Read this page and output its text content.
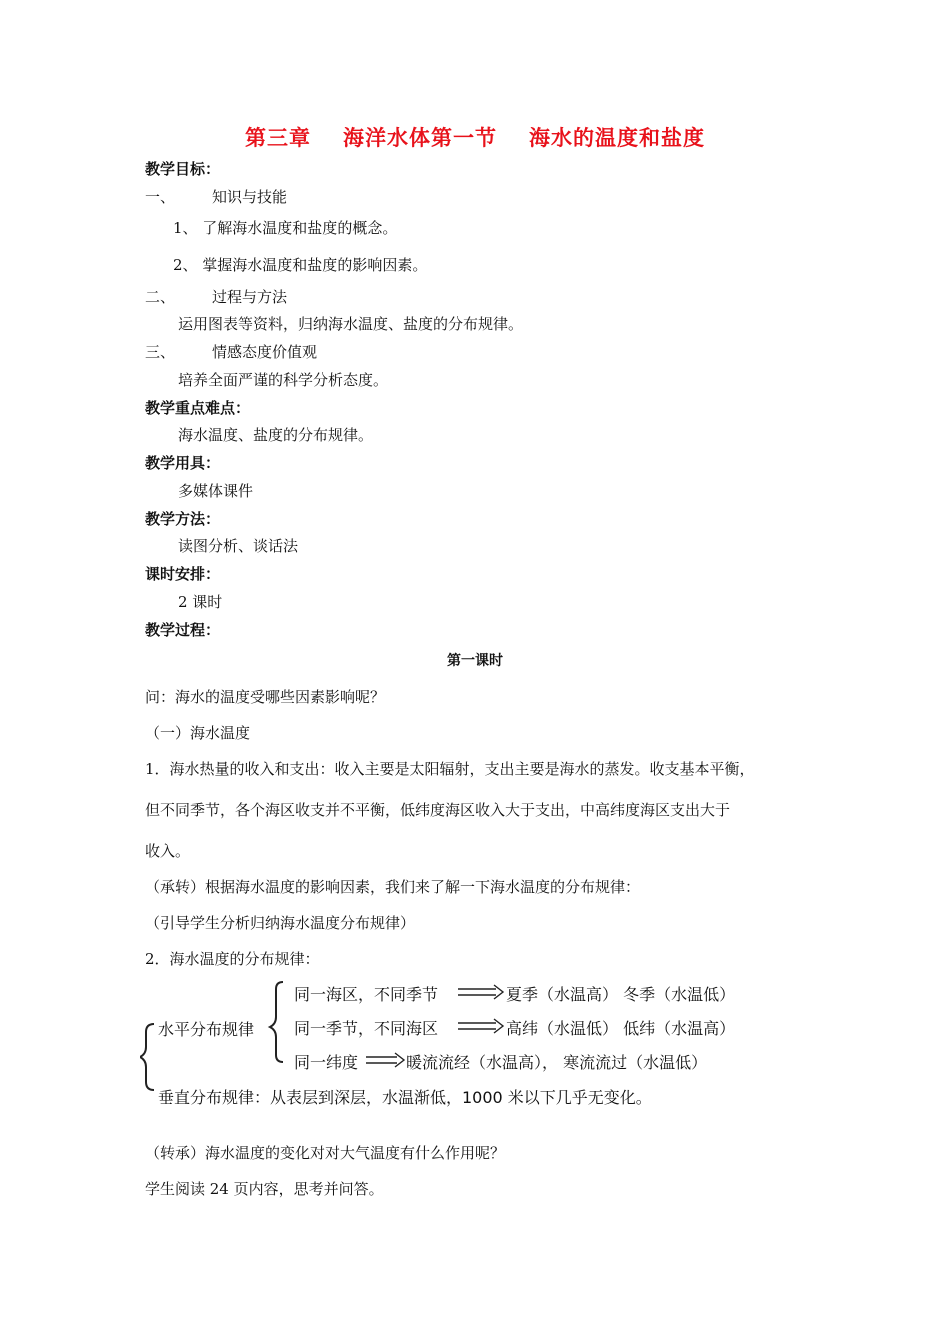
第三章 海洋水体第一节 海水的温度和盐度
教学目标：
一、 知识与技能
1、 了解海水温度和盐度的概念。
2、 掌握海水温度和盐度的影响因素。
二、 过程与方法
运用图表等资料，归纳海水温度、盐度的分布规律。
三、 情感态度价值观
培养全面严谨的科学分析态度。
教学重点难点：
海水温度、盐度的分布规律。
教学用具：
多媒体课件
教学方法：
读图分析、谈话法
课时安排：
2 课时
教学过程：
第一课时
问：海水的温度受哪些因素影响呢？
（一）海水温度
1．海水热量的收入和支出：收入主要是太阳辐射，支出主要是海水的蒸发。收支基本平衡，
但不同季节，各个海区收支并不平衡，低纬度海区收入大于支出，中高纬度海区支出大于
收入。
（承转）根据海水温度的影响因素，我们来了解一下海水温度的分布规律：
（引导学生分析归纳海水温度分布规律）
2．海水温度的分布规律：
水平分布规律
同一海区，不同季节	夏季（水温高） 冬季（水温低）
同一季节，不同海区	高纬（水温低） 低纬（水温高）
同一纬度	暖流流经（水温高）， 寒流流过（水温低）
垂直分布规律：从表层到深层，水温渐低，1000 米以下几乎无变化。
（转承）海水温度的变化对对大气温度有什么作用呢？
学生阅读 24 页内容，思考并问答。
